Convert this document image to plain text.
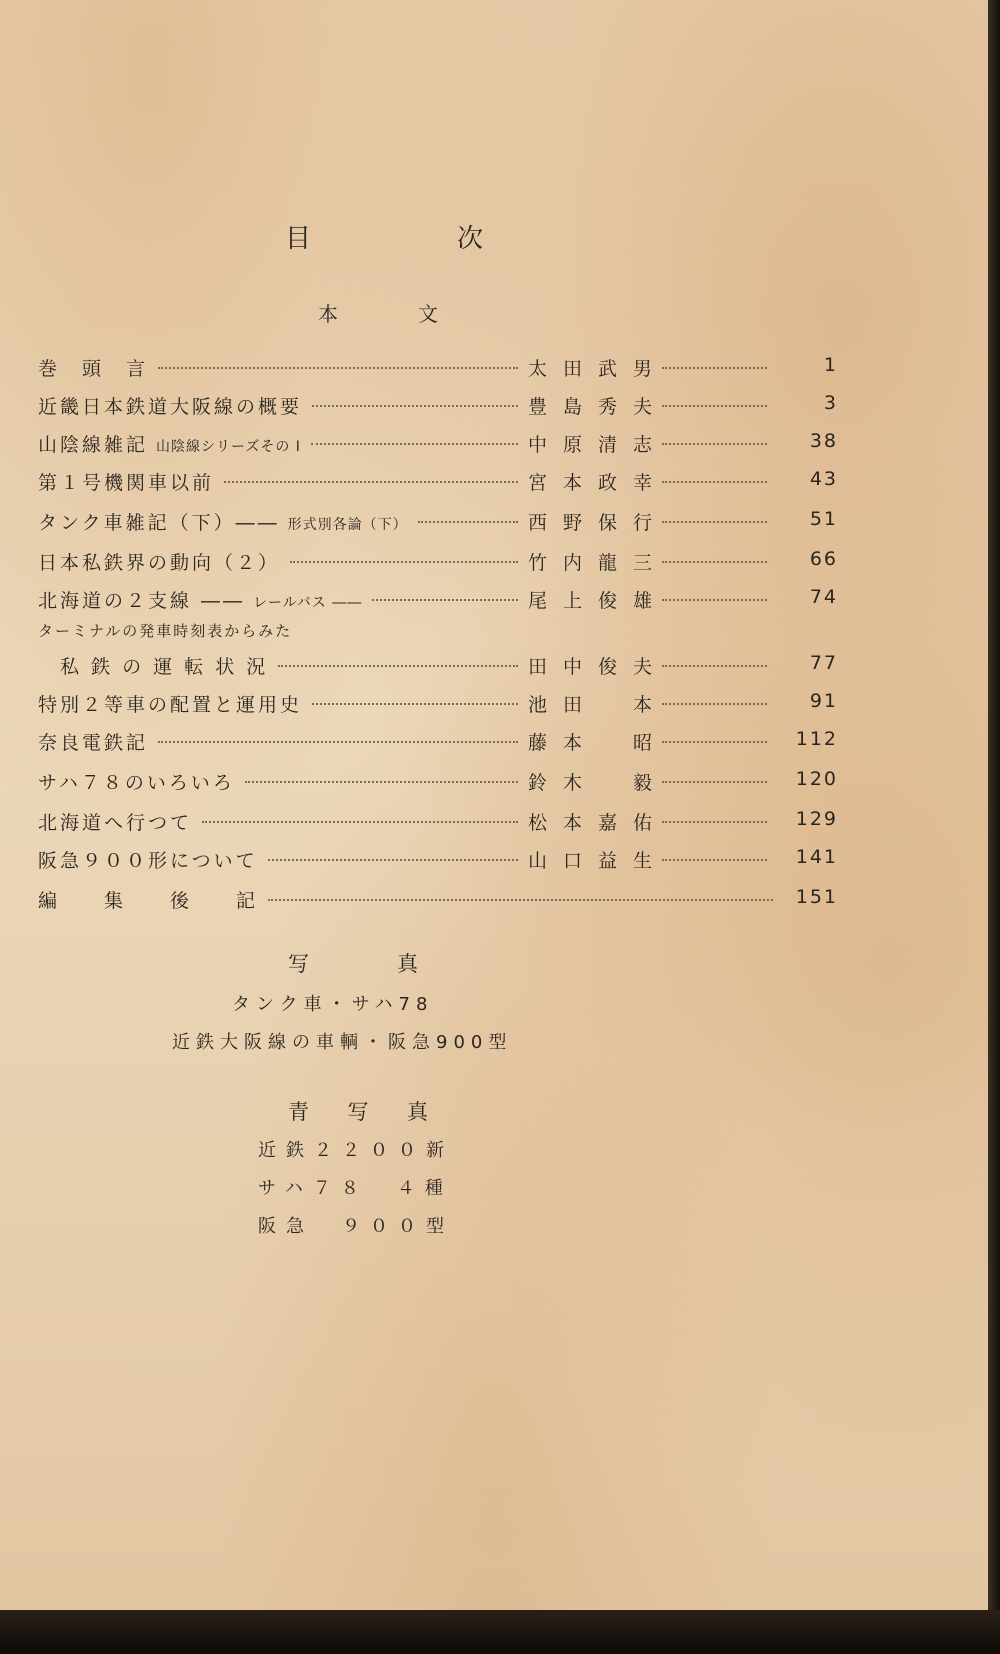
目	次
本	文
巻　頭　言	太田武男	1
近畿日本鉄道大阪線の概要	豊島秀夫	3
山陰線雑記 山陰線シリーズその I	中原清志	38
第１号機関車以前	宮本政幸	43
タンク車雑記（下）―― 形式別各論（下）	西野保行	51
日本私鉄界の動向（２）	竹内龍三	66
北海道の２支線 ―― レールバス ――	尾上俊雄	74
ターミナルの発車時刻表からみた
　私 鉄 の 運 転 状 況	田中俊夫	77
特別２等車の配置と運用史	池田　本	91
奈良電鉄記	藤本　昭	112
サハ７８のいろいろ	鈴木　毅	120
北海道へ行つて	松本嘉佑	129
阪急９００形について	山口益生	141
編　　集　　後　　記	151
写	真
タンク車・サハ78
近鉄大阪線の車輌・阪急900型
青 写 真
近鉄２２００新
サハ７８　４種
阪急　９００型
